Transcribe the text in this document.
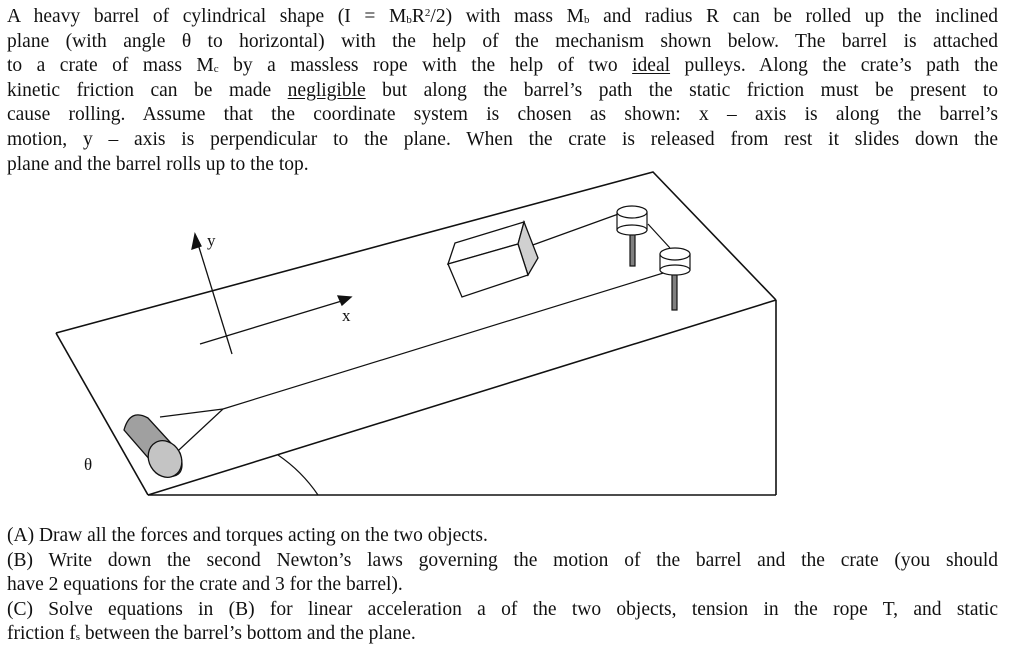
A heavy barrel of cylindrical shape $(I = M_bR^2/2)$ with mass $M_b$ and radius R can be rolled up the inclined
plane (with angle θ to horizontal) with the help of the mechanism shown below. The barrel is attached
to a crate of mass $M_c$ by a massless rope with the help of two ideal pulleys. Along the crate’s path the
kinetic friction can be made negligible but along the barrel’s path the static friction must be present to
cause rolling. Assume that the coordinate system is chosen as shown: x – axis is along the barrel’s
motion, y – axis is perpendicular to the plane. When the crate is released from rest it slides down the
plane and the barrel rolls up to the top.
y
x
θ
(A) Draw all the forces and torques acting on the two objects.
(B) Write down the second Newton’s laws governing the motion of the barrel and the crate (you should
have 2 equations for the crate and 3 for the barrel).
(C) Solve equations in (B) for linear acceleration a of the two objects, tension in the rope T, and static
friction $f_s$ between the barrel’s bottom and the plane.
